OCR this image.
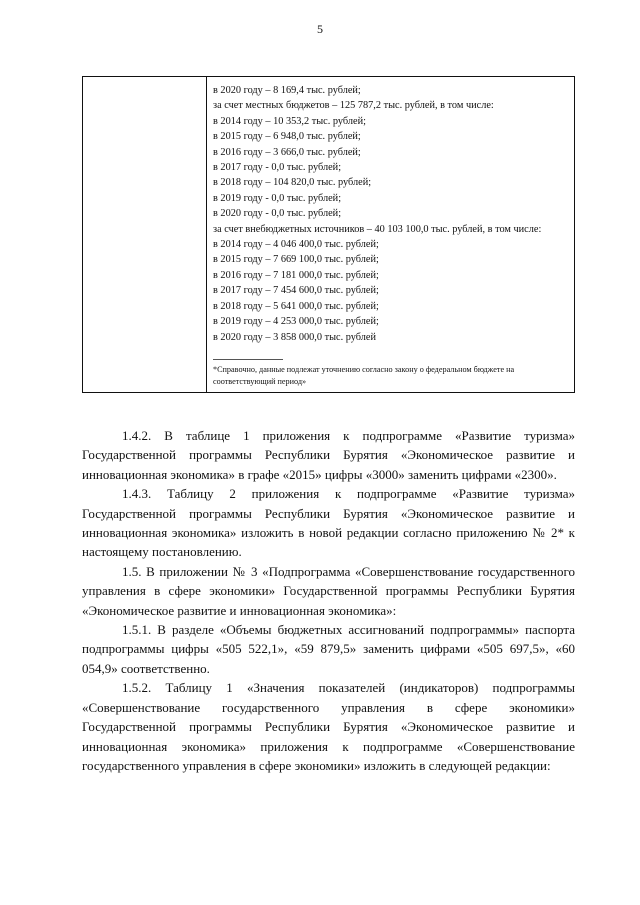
5

в 2020 году – 8 169,4 тыс. рублей;
за счет местных бюджетов – 125 787,2 тыс. рублей, в том числе:
в 2014 году – 10 353,2 тыс. рублей;
в 2015 году – 6 948,0 тыс. рублей;
в 2016 году – 3 666,0 тыс. рублей;
в 2017 году - 0,0 тыс. рублей;
в 2018 году – 104 820,0 тыс. рублей;
в 2019 году - 0,0 тыс. рублей;
в 2020 году - 0,0 тыс. рублей;
за счет внебюджетных источников – 40 103 100,0 тыс. рублей, в том числе:
в 2014 году – 4 046 400,0 тыс. рублей;
в 2015 году – 7 669 100,0 тыс. рублей;
в 2016 году – 7 181 000,0 тыс. рублей;
в 2017 году – 7 454 600,0 тыс. рублей;
в 2018 году – 5 641 000,0 тыс. рублей;
в 2019 году – 4 253 000,0 тыс. рублей;
в 2020 году – 3 858 000,0 тыс. рублей
*Справочно, данные подлежат уточнению согласно закону о федеральном бюджете на соответствующий период»

1.4.2. В таблице 1 приложения к подпрограмме «Развитие туризма» Государственной программы Республики Бурятия «Экономическое развитие и инновационная экономика» в графе «2015» цифры «3000» заменить цифрами «2300».

1.4.3. Таблицу 2 приложения к подпрограмме «Развитие туризма» Государственной программы Республики Бурятия «Экономическое развитие и инновационная экономика» изложить в новой редакции согласно приложению № 2* к настоящему постановлению.

1.5. В приложении № 3 «Подпрограмма «Совершенствование государственного управления в сфере экономики» Государственной программы Республики Бурятия «Экономическое развитие и инновационная экономика»:

1.5.1. В разделе «Объемы бюджетных ассигнований подпрограммы» паспорта подпрограммы цифры «505 522,1», «59 879,5» заменить цифрами «505 697,5», «60 054,9» соответственно.

1.5.2. Таблицу 1 «Значения показателей (индикаторов) подпрограммы «Совершенствование государственного управления в сфере экономики» Государственной программы Республики Бурятия «Экономическое развитие и инновационная экономика» приложения к подпрограмме «Совершенствование государственного управления в сфере экономики» изложить в следующей редакции:
